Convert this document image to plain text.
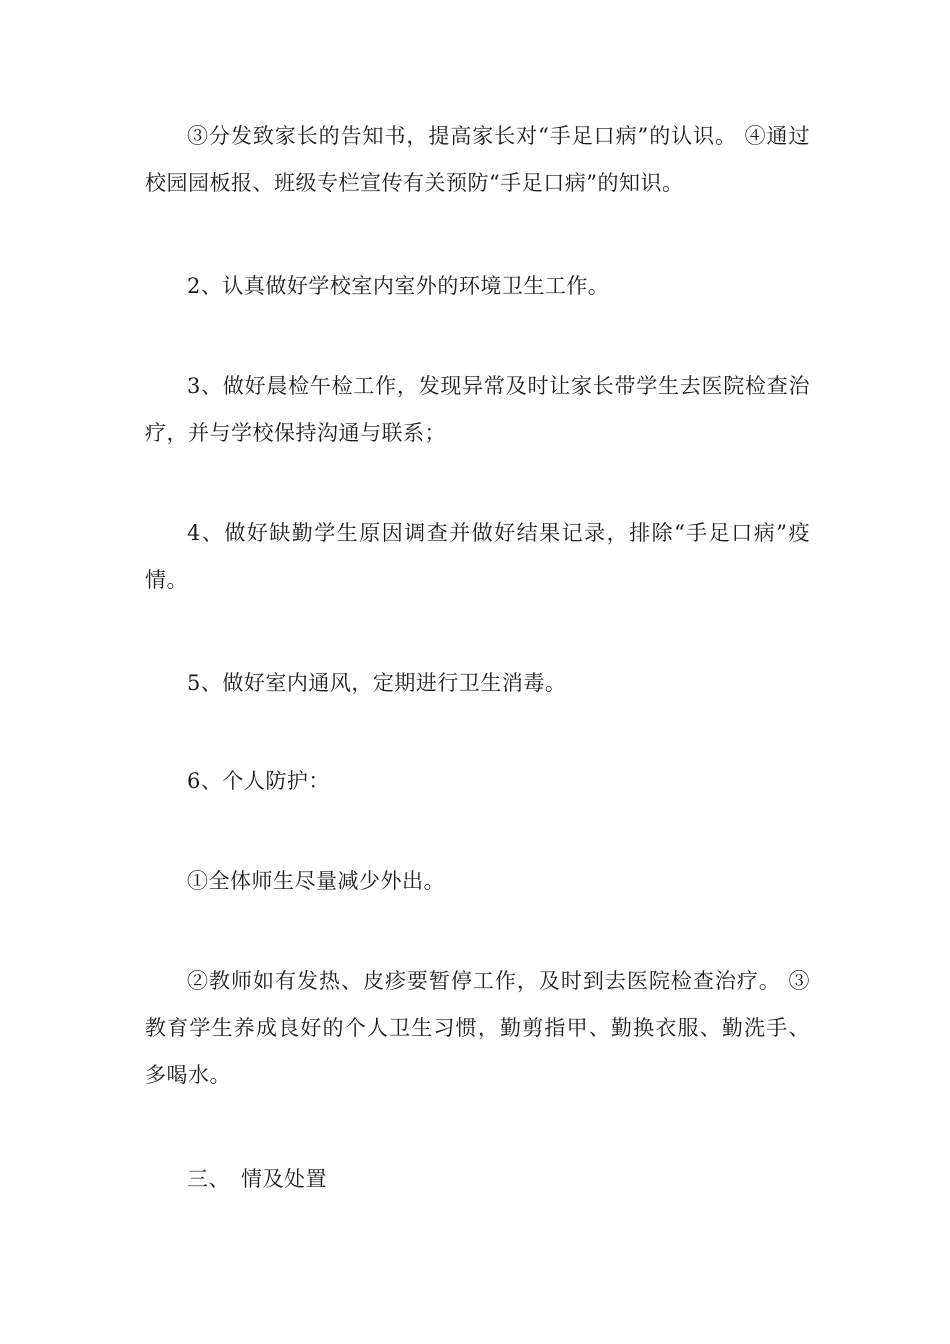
③分发致家长的告知书，提高家长对“手足口病”的认识。 ④通过校园园板报、班级专栏宣传有关预防“手足口病”的知识。

2、认真做好学校室内室外的环境卫生工作。

3、做好晨检午检工作，发现异常及时让家长带学生去医院检查治疗，并与学校保持沟通与联系；

4、做好缺勤学生原因调查并做好结果记录，排除“手足口病”疫情。

5、做好室内通风，定期进行卫生消毒。

6、个人防护：

①全体师生尽量减少外出。

②教师如有发热、皮疹要暂停工作，及时到去医院检查治疗。 ③教育学生养成良好的个人卫生习惯，勤剪指甲、勤换衣服、勤洗手、多喝水。

三、　情及处置
